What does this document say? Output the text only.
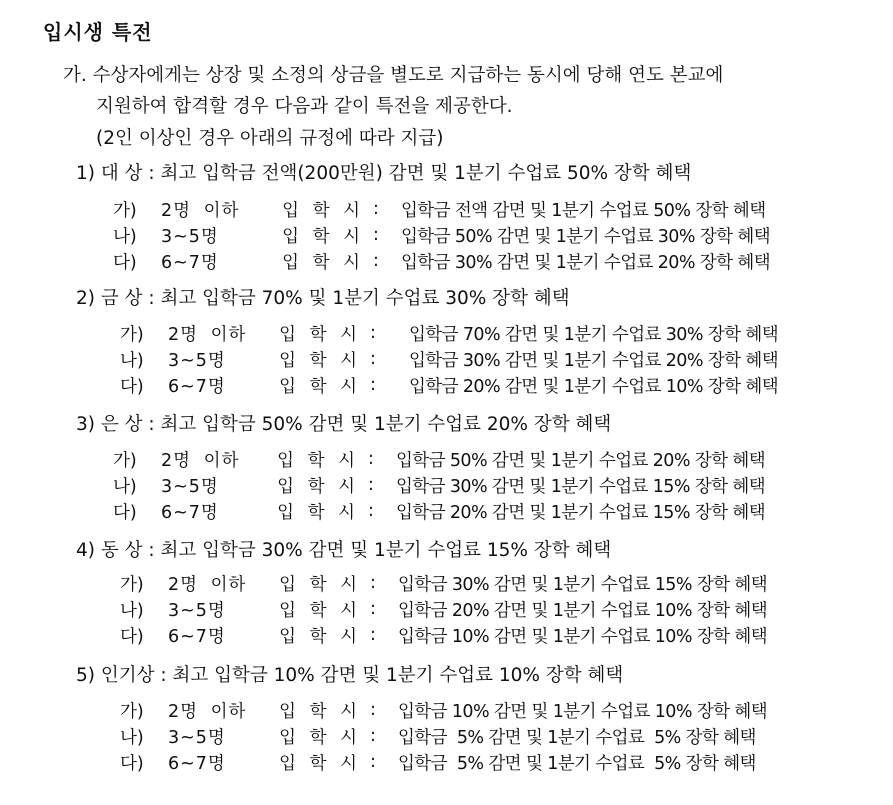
입시생 특전
가. 수상자에게는 상장 및 소정의 상금을 별도로 지급하는 동시에 당해 연도 본교에
지원하여 합격할 경우 다음과 같이 특전을 제공한다.
(2인 이상인 경우 아래의 규정에 따라 지급)
1) 대 상 : 최고 입학금 전액(200만원) 감면 및 1분기 수업료 50% 장학 혜택
가)	2명 이하 입 학 시 :	입학금 전액 감면 및 1분기 수업료 50% 장학 혜택
나)	3~5명	입 학 시 :	입학금 50% 감면 및 1분기 수업료 30% 장학 혜택
다)	6~7명	입 학 시 :	입학금 30% 감면 및 1분기 수업료 20% 장학 혜택
2) 금 상 : 최고 입학금 70% 및 1분기 수업료 30% 장학 혜택
가)	2명 이하 입 학 시 :	입학금 70% 감면 및 1분기 수업료 30% 장학 혜택
나)	3~5명	입 학 시 :	입학금 30% 감면 및 1분기 수업료 20% 장학 혜택
다)	6~7명	입 학 시 :	입학금 20% 감면 및 1분기 수업료 10% 장학 혜택
3) 은 상 : 최고 입학금 50% 감면 및 1분기 수업료 20% 장학 혜택
가)	2명 이하 입 학 시 :	입학금 50% 감면 및 1분기 수업료 20% 장학 혜택
나)	3~5명	입 학 시 :	입학금 30% 감면 및 1분기 수업료 15% 장학 혜택
다)	6~7명	입 학 시 :	입학금 20% 감면 및 1분기 수업료 15% 장학 혜택
4) 동 상 : 최고 입학금 30% 감면 및 1분기 수업료 15% 장학 혜택
가)	2명 이하 입 학 시 :	입학금 30% 감면 및 1분기 수업료 15% 장학 혜택
나)	3~5명	입 학 시 :	입학금 20% 감면 및 1분기 수업료 10% 장학 혜택
다)	6~7명	입 학 시 :	입학금 10% 감면 및 1분기 수업료 10% 장학 혜택
5) 인기상 : 최고 입학금 10% 감면 및 1분기 수업료 10% 장학 혜택
가)	2명 이하 입 학 시 :	입학금 10% 감면 및 1분기 수업료 10% 장학 혜택
나)	3~5명	입 학 시 :	입학금  5% 감면 및 1분기 수업료  5% 장학 혜택
다)	6~7명	입 학 시 :	입학금  5% 감면 및 1분기 수업료  5% 장학 혜택
